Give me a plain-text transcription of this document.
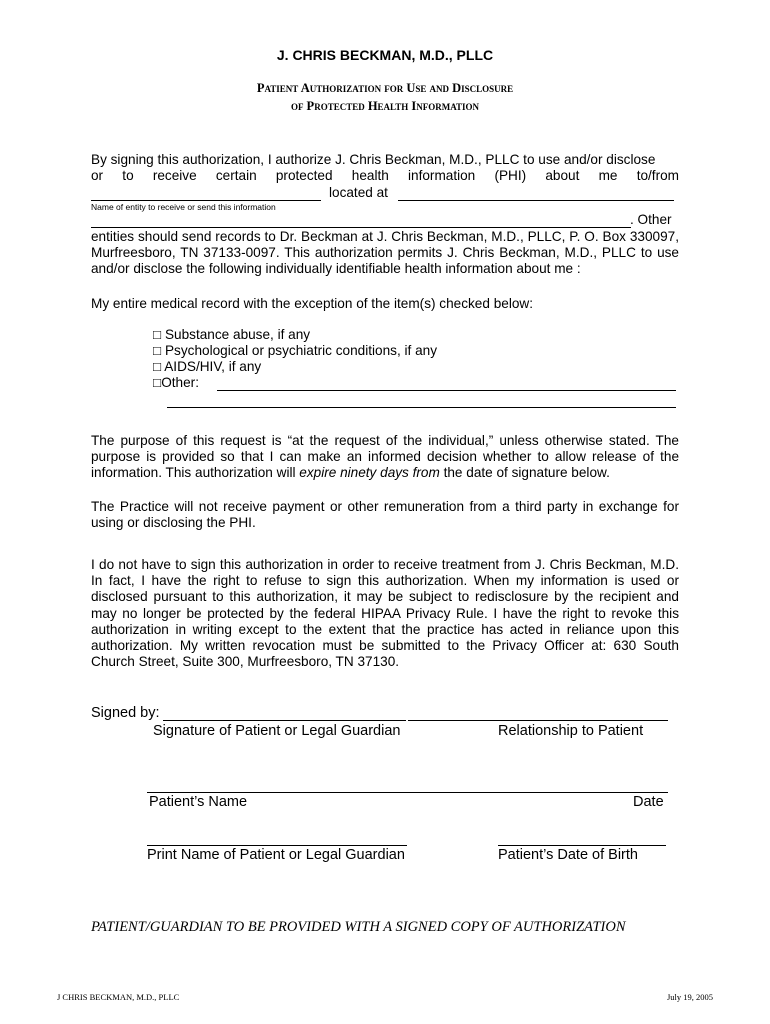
J. CHRIS BECKMAN, M.D., PLLC
Patient Authorization for Use and Disclosure
of Protected Health Information
By signing this authorization, I authorize J. Chris Beckman, M.D., PLLC to use and/or disclose
or to receive certain protected health information (PHI) about me to/from
located at
Name of entity to receive or send this information
. Other
entities should send records to Dr. Beckman at J. Chris Beckman, M.D., PLLC, P. O. Box 330097, Murfreesboro, TN 37133-0097. This authorization permits J. Chris Beckman, M.D., PLLC to use and/or disclose the following individually identifiable health information about me :
My entire medical record with the exception of the item(s) checked below:
□ Substance abuse, if any
□ Psychological or psychiatric conditions, if any
□ AIDS/HIV, if any
□Other:
The purpose of this request is “at the request of the individual,” unless otherwise stated. The purpose is provided so that I can make an informed decision whether to allow release of the information. This authorization will expire ninety days from the date of signature below.
The Practice will not receive payment or other remuneration from a third party in exchange for using or disclosing the PHI.
I do not have to sign this authorization in order to receive treatment from J. Chris Beckman, M.D. In fact, I have the right to refuse to sign this authorization. When my information is used or disclosed pursuant to this authorization, it may be subject to redisclosure by the recipient and may no longer be protected by the federal HIPAA Privacy Rule. I have the right to revoke this authorization in writing except to the extent that the practice has acted in reliance upon this authorization. My written revocation must be submitted to the Privacy Officer at: 630 South Church Street, Suite 300, Murfreesboro, TN 37130.
Signed by:
Signature of Patient or Legal Guardian	Relationship to Patient
Patient’s Name	Date
Print Name of Patient or Legal Guardian	Patient’s Date of Birth
PATIENT/GUARDIAN TO BE PROVIDED WITH A SIGNED COPY OF AUTHORIZATION
J CHRIS BECKMAN, M.D., PLLC	July 19, 2005
